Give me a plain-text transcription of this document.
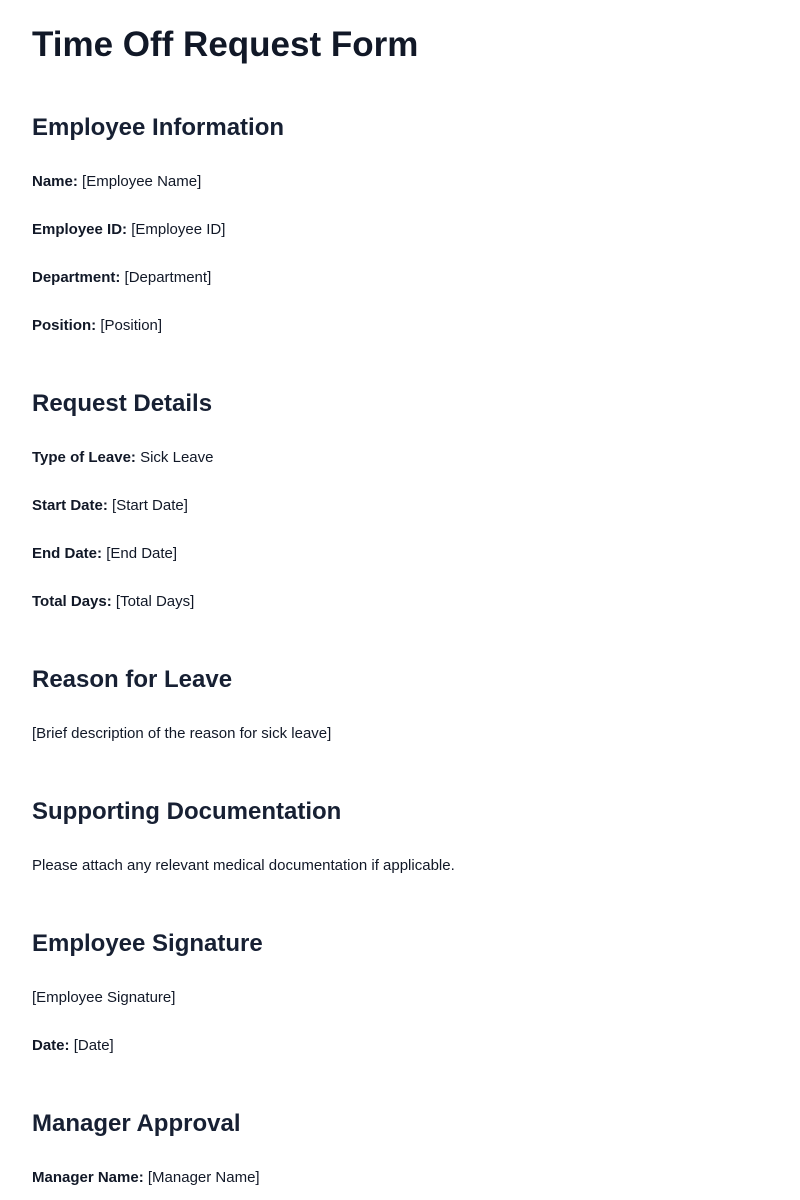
Time Off Request Form
Employee Information

Name: [Employee Name]

Employee ID: [Employee ID]

Department: [Department]

Position: [Position]

Request Details

Type of Leave: Sick Leave

Start Date: [Start Date]

End Date: [End Date]

Total Days: [Total Days]

Reason for Leave

[Brief description of the reason for sick leave]

Supporting Documentation

Please attach any relevant medical documentation if applicable.

Employee Signature

[Employee Signature]

Date: [Date]

Manager Approval

Manager Name: [Manager Name]
